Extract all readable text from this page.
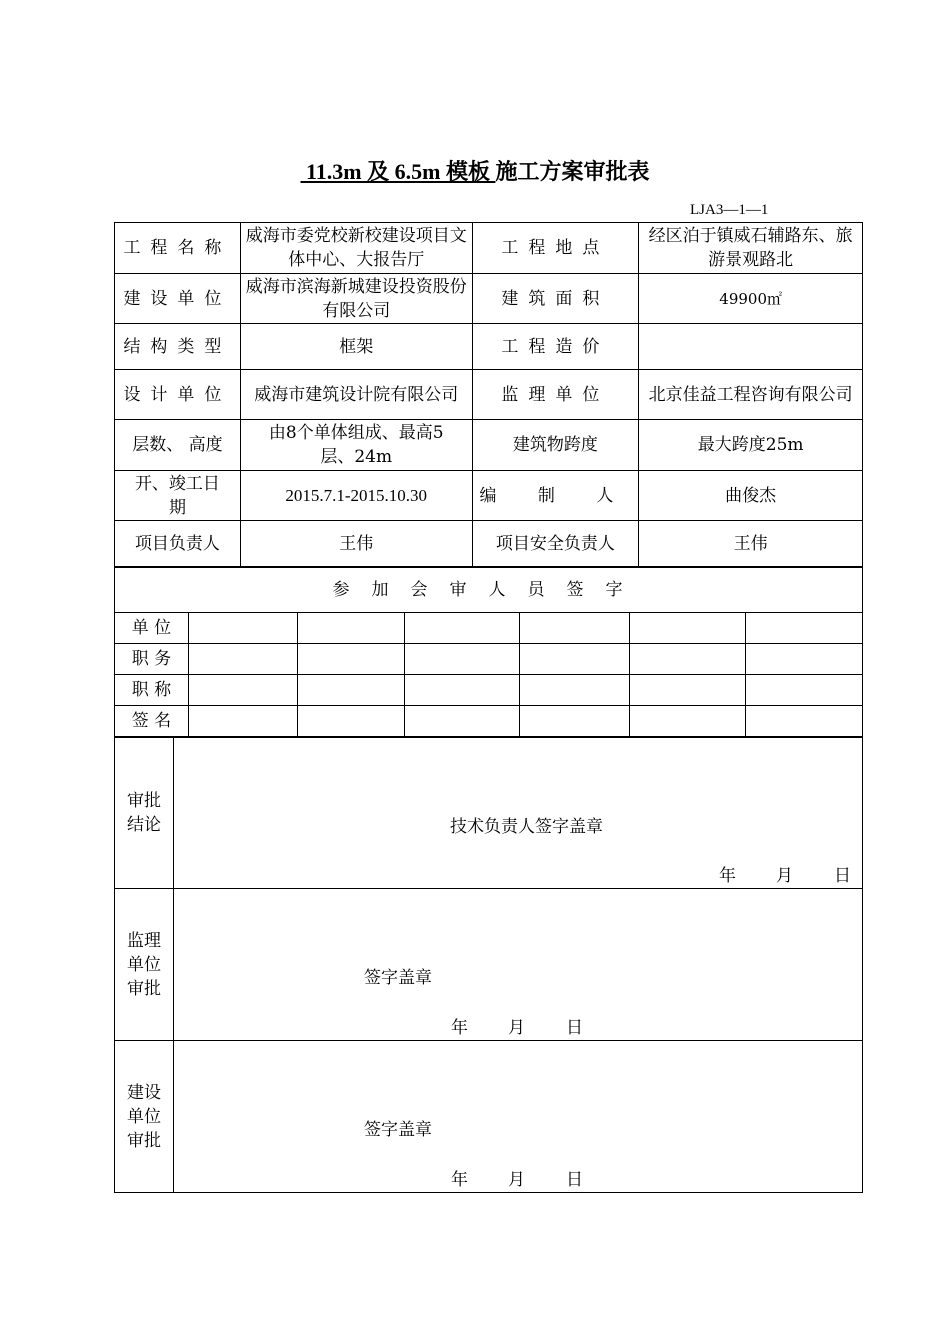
11.3m 及 6.5m 模板 施工方案审批表
LJA3—1—1
工程名称	威海市委党校新校建设项目文体中心、大报告厅	工程地点	经区泊于镇威石辅路东、旅游景观路北
建设单位	威海市滨海新城建设投资股份有限公司	建筑面积	49900㎡
结构类型	框架	工程造价	
设计单位	威海市建筑设计院有限公司	监理单位	北京佳益工程咨询有限公司
层数、 高度	由8个单体组成、最高5层、24m	建筑物跨度	最大跨度25m
开、竣工日期	2015.7.1-2015.10.30	编 制 人	曲俊杰
项目负责人	王伟	项目安全负责人	王伟
参加会审人员签字
单 位						
职 务						
职 称						
签 名						
审批结论	技术负责人签字盖章
年 月 日

监理单位审批	签字盖章
年 月 日

建设单位审批	签字盖章
年 月 日
